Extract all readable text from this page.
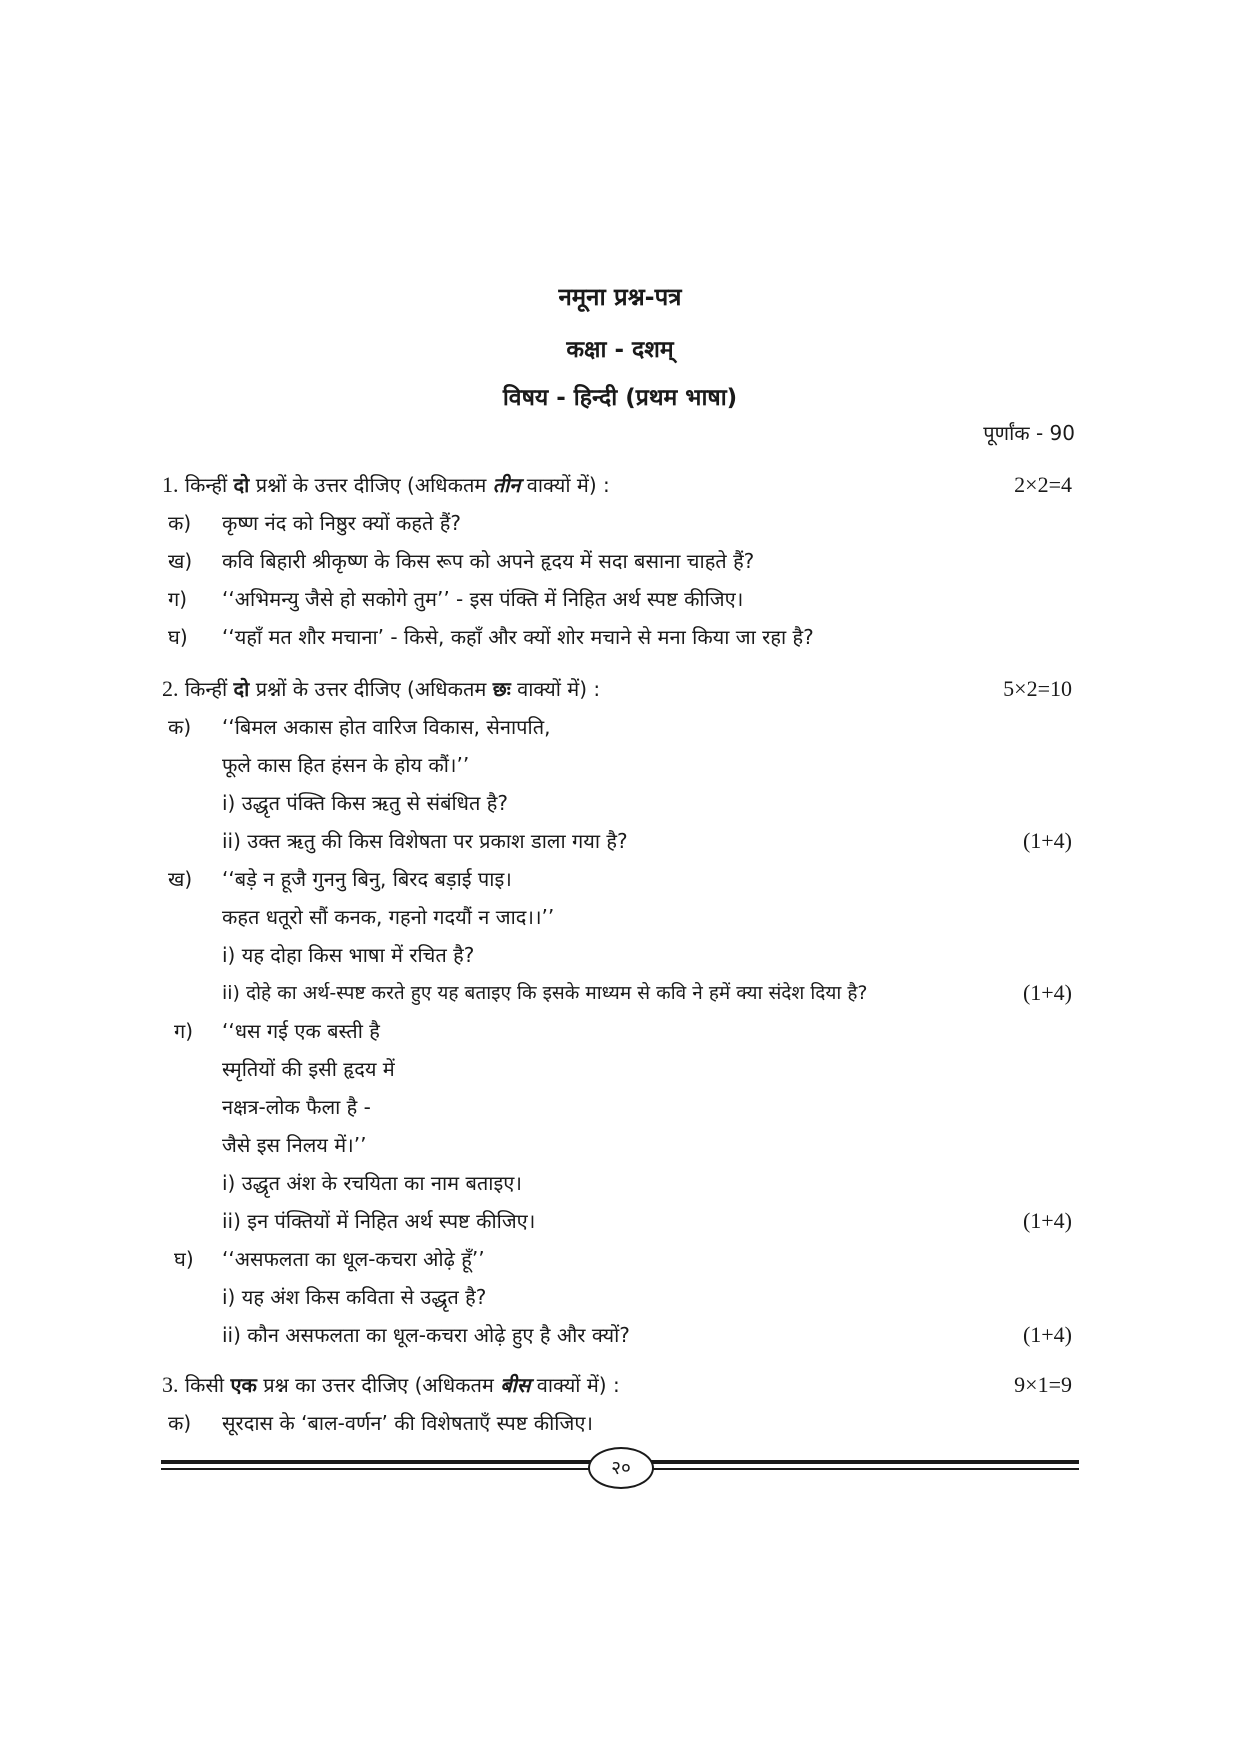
नमूना प्रश्न-पत्र
कक्षा - दशम्
विषय - हिन्दी (प्रथम भाषा)
पूर्णांक - 90
1. किन्हीं दो प्रश्नों के उत्तर दीजिए (अधिकतम तीन वाक्यों में) :	2×2=4
क) कृष्ण नंद को निष्ठुर क्यों कहते हैं?
ख) कवि बिहारी श्रीकृष्ण के किस रूप को अपने हृदय में सदा बसाना चाहते हैं?
ग) ‘‘अभिमन्यु जैसे हो सकोगे तुम’’ - इस पंक्ति में निहित अर्थ स्पष्ट कीजिए।
घ) ‘‘यहाँ मत शौर मचाना’ - किसे, कहाँ और क्यों शोर मचाने से मना किया जा रहा है?
2. किन्हीं दो प्रश्नों के उत्तर दीजिए (अधिकतम छः वाक्यों में) :	5×2=10
क) ‘‘बिमल अकास होत वारिज विकास, सेनापति,
फूले कास हित हंसन के होय कौं।’’
i) उद्धृत पंक्ति किस ऋतु से संबंधित है?
ii) उक्त ऋतु की किस विशेषता पर प्रकाश डाला गया है?	(1+4)
ख) ‘‘बड़े न हूजै गुननु बिनु, बिरद बड़ाई पाइ।
कहत धतूरो सौं कनक, गहनो गदयौं न जाद।।’’
i) यह दोहा किस भाषा में रचित है?
ii) दोहे का अर्थ-स्पष्ट करते हुए यह बताइए कि इसके माध्यम से कवि ने हमें क्या संदेश दिया है?	(1+4)
ग) ‘‘धस गई एक बस्ती है
स्मृतियों की इसी हृदय में
नक्षत्र-लोक फैला है -
जैसे इस निलय में।’’
i) उद्धृत अंश के रचयिता का नाम बताइए।
ii) इन पंक्तियों में निहित अर्थ स्पष्ट कीजिए।	(1+4)
घ) ‘‘असफलता का धूल-कचरा ओढ़े हूँ’’
i) यह अंश किस कविता से उद्धृत है?
ii) कौन असफलता का धूल-कचरा ओढ़े हुए है और क्यों?	(1+4)
3. किसी एक प्रश्न का उत्तर दीजिए (अधिकतम बीस वाक्यों में) :	9×1=9
क) सूरदास के ‘बाल-वर्णन’ की विशेषताएँ स्पष्ट कीजिए।
२०
